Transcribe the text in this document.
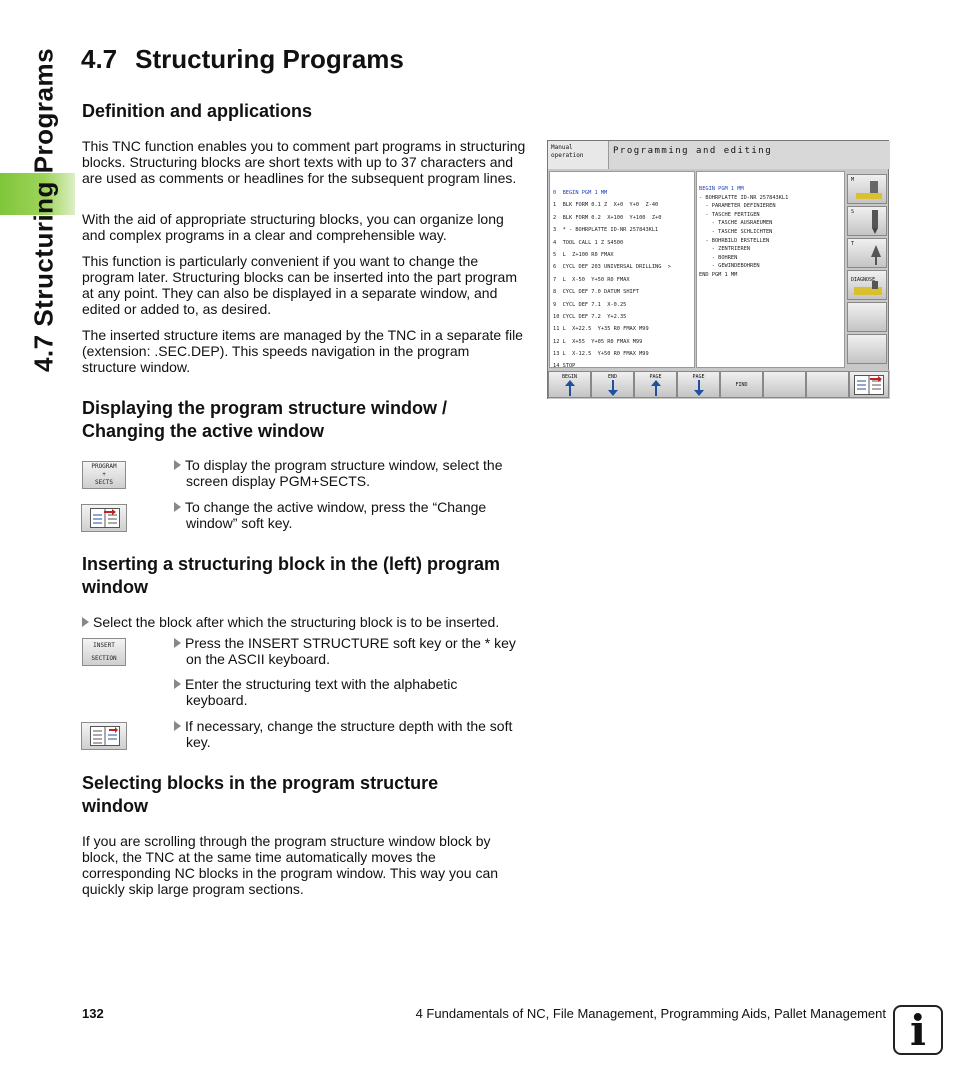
4.7 Structuring Programs 4.7 Structuring Programs
Definition and applications

This TNC function enables you to comment part programs in structuring blocks. Structuring blocks are short texts with up to 37 characters and are used as comments or headlines for the subsequent program lines.

With the aid of appropriate structuring blocks, you can organize long and complex programs in a clear and comprehensible way.

This function is particularly convenient if you want to change the program later. Structuring blocks can be inserted into the part program at any point. They can also be displayed in a separate window, and edited or added to, as desired.

The inserted structure items are managed by the TNC in a separate file (extension: .SEC.DEP). This speeds navigation in the program structure window.

Manual
operation	Programming and editing

0  BEGIN PGM 1 MM
1  BLK FORM 0.1 Z  X+0  Y+0  Z-40
2  BLK FORM 0.2  X+100  Y+100  Z+0
3  * - BOHRPLATTE ID-NR 257843KL1
4  TOOL CALL 1 Z S4500
5  L  Z+100 R0 FMAX
6  CYCL DEF 203 UNIVERSAL DRILLING  >
7  L  X-50  Y+50 R0 FMAX
8  CYCL DEF 7.0 DATUM SHIFT
9  CYCL DEF 7.1  X-0.25
10 CYCL DEF 7.2  Y+2.35
11 L  X+22.5  Y+35 R0 FMAX M99
12 L  X+55  Y+05 R0 FMAX M99
13 L  X-12.5  Y+50 R0 FMAX M99
14 STOP

BEGIN PGM 1 MM
- BOHRPLATTE ID-NR 257843KL1
- PARAMETER DEFINIEREN
- TASCHE FERTIGEN
- TASCHE AUSRAEUMEN
- TASCHE SCHLICHTEN
- BOHRBILD ERSTELLEN
- ZENTRIEREN
- BOHREN
- GEWINDEBOHREN
END PGM 1 MM

M
S
T
DIAGNOSE
BEGIN	END	PAGE	PAGE
FIND
Displaying the program structure window /
Changing the active window
PROGRAM
+
SECTS

To display the program structure window, select the
screen display PGM+SECTS.

To change the active window, press the “Change
window” soft key.

Inserting a structuring block in the (left) program
window

Select the block after which the structuring block is to be inserted.

INSERT
SECTION

Press the INSERT STRUCTURE soft key or the * key
on the ASCII keyboard.

Enter the structuring text with the alphabetic
keyboard.

If necessary, change the structure depth with the soft
key.

Selecting blocks in the program structure
window

If you are scrolling through the program structure window block by block, the TNC at the same time automatically moves the corresponding NC blocks in the program window. This way you can quickly skip large program sections.

132	4 Fundamentals of NC, File Management, Programming Aids, Pallet Management i
